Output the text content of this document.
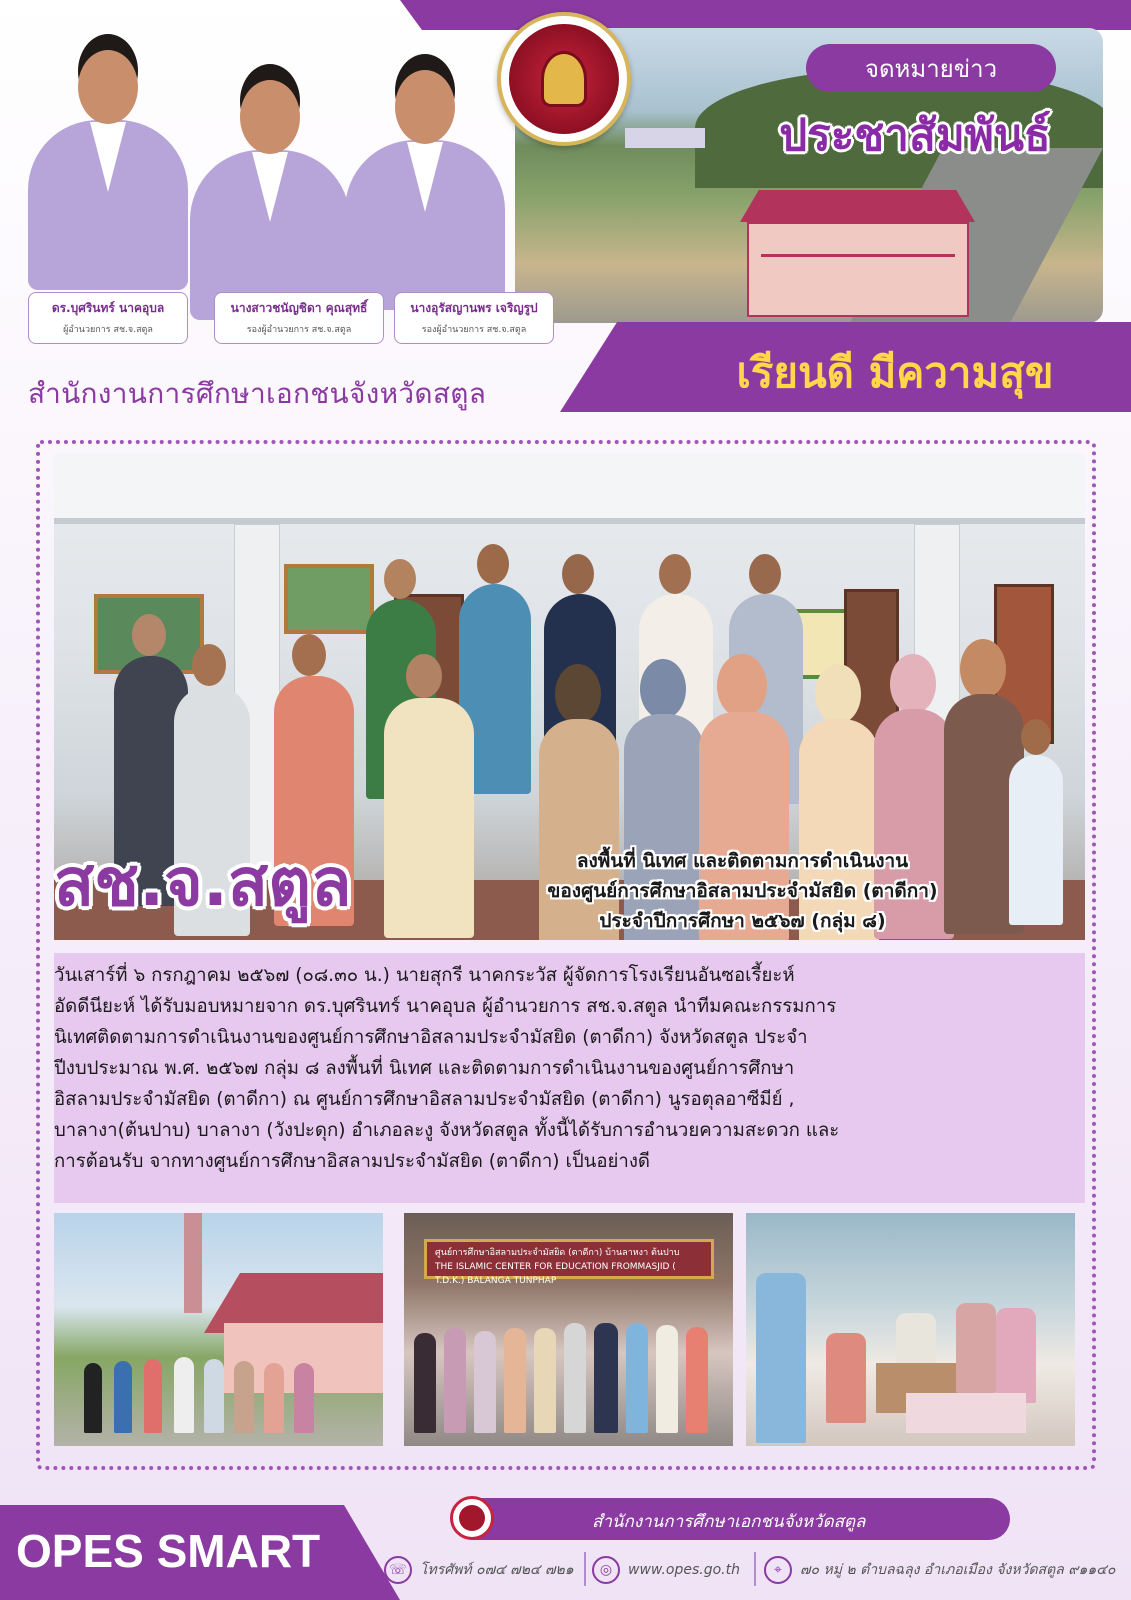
ดร.บุศรินทร์ นาคอุบล
ผู้อำนวยการ สช.จ.สตูล
นางสาวชนัญชิดา คุณสุทธิ์
รองผู้อำนวยการ สช.จ.สตูล
นางอุรัสญานพร เจริญรูป
รองผู้อำนวยการ สช.จ.สตูล
จดหมายข่าว
ประชาสัมพันธ์
สำนักงานการศึกษาเอกชนจังหวัดสตูล	เรียนดี มีความสุข
สช.จ.สตูล	ลงพื้นที่ นิเทศ และติดตามการดำเนินงาน
ของศูนย์การศึกษาอิสลามประจำมัสยิด (ตาดีกา)
ประจำปีการศึกษา ๒๕๖๗ (กลุ่ม ๘)

วันเสาร์ที่ ๖ กรกฎาคม ๒๕๖๗ (๐๘.๓๐ น.) นายสุกรี นาคกระวัส ผู้จัดการโรงเรียนอันซอเรี้ยะห์

อัดดีนียะห์ ได้รับมอบหมายจาก ดร.บุศรินทร์ นาคอุบล ผู้อำนวยการ สช.จ.สตูล นำทีมคณะกรรมการ

นิเทศติดตามการดำเนินงานของศูนย์การศึกษาอิสลามประจำมัสยิด (ตาดีกา) จังหวัดสตูล ประจำ

ปีงบประมาณ พ.ศ. ๒๕๖๗ กลุ่ม ๘ ลงพื้นที่ นิเทศ และติดตามการดำเนินงานของศูนย์การศึกษา

อิสลามประจำมัสยิด (ตาดีกา) ณ ศูนย์การศึกษาอิสลามประจำมัสยิด (ตาดีกา) นูรอตุลอาซีมีย์ ,

บาลางา(ต้นปาบ) บาลางา (วังปะดุก) อำเภอละงู จังหวัดสตูล ทั้งนี้ได้รับการอำนวยความสะดวก และ

การต้อนรับ จากทางศูนย์การศึกษาอิสลามประจำมัสยิด (ตาดีกา) เป็นอย่างดี

ศูนย์การศึกษาอิสลามประจำมัสยิด (ตาดีกา) บ้านลาหงา ต้นปาบ
THE ISLAMIC CENTER FOR EDUCATION FROMMASJID ( T.D.K.) BALANGA TUNPHAP
OPES SMART
สำนักงานการศึกษาเอกชนจังหวัดสตูล
☏ โทรศัพท์ ๐๗๔ ๗๒๔ ๗๒๑	◎	www.opes.go.th	⌖	๗๐ หมู่ ๒ ตำบลฉลุง อำเภอเมือง จังหวัดสตูล ๙๑๑๔๐
